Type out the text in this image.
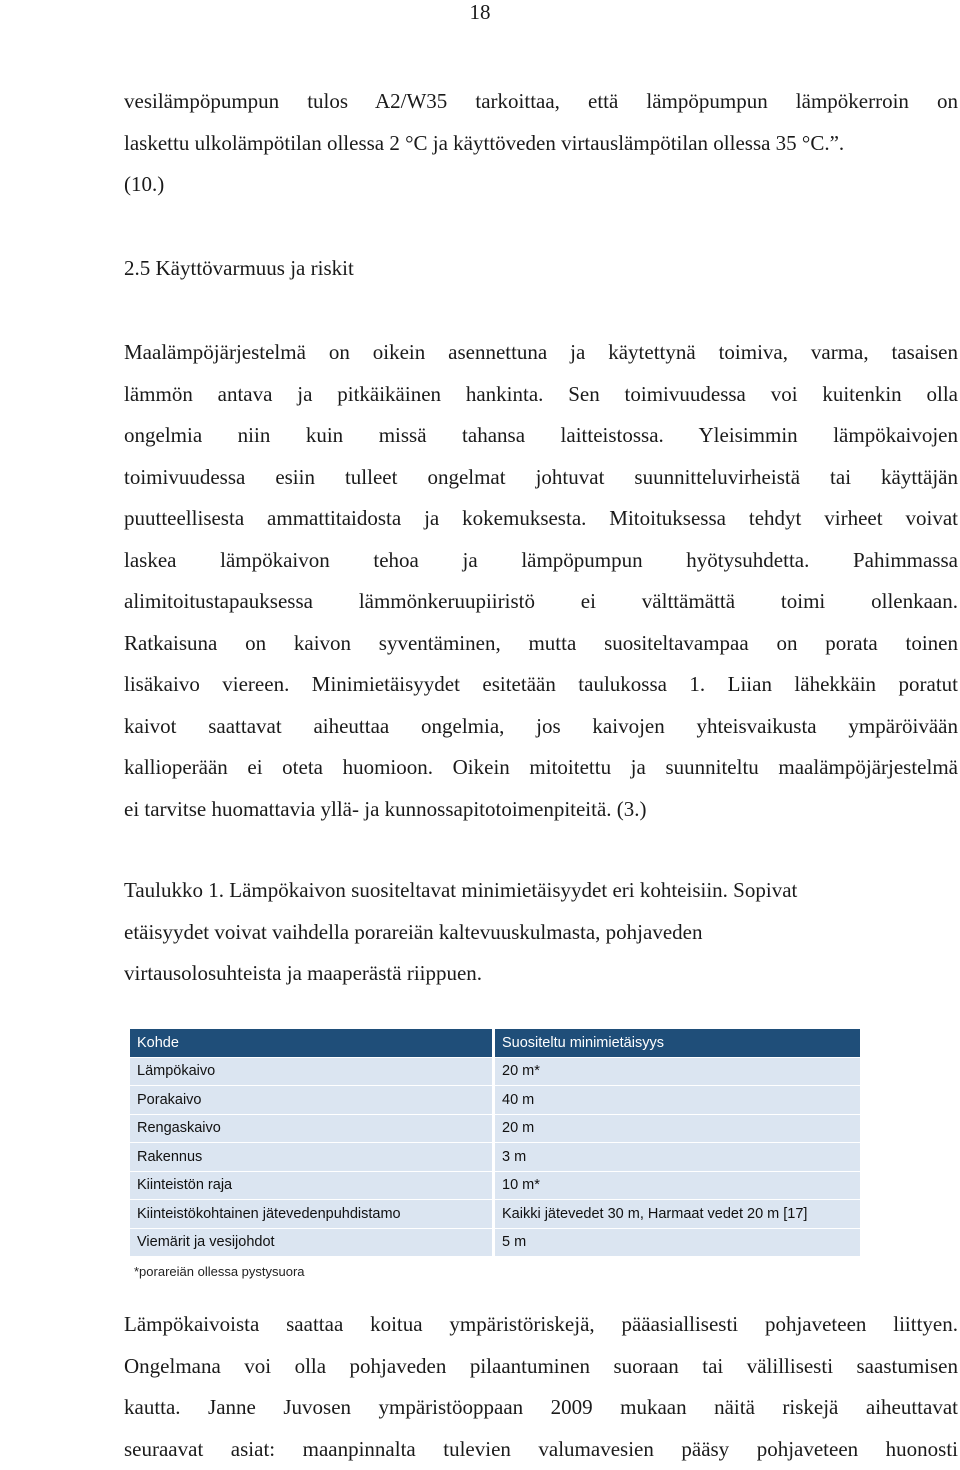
18

vesilämpöpumpun tulos A2/W35 tarkoittaa, että lämpöpumpun lämpökerroin on
laskettu ulkolämpötilan ollessa 2 °C ja käyttöveden virtauslämpötilan ollessa 35 °C.”.
(10.)

2.5 Käyttövarmuus ja riskit

Maalämpöjärjestelmä on oikein asennettuna ja käytettynä toimiva, varma, tasaisen
lämmön antava ja pitkäikäinen hankinta. Sen toimivuudessa voi kuitenkin olla
ongelmia niin kuin missä tahansa laitteistossa. Yleisimmin lämpökaivojen
toimivuudessa esiin tulleet ongelmat johtuvat suunnitteluvirheistä tai käyttäjän
puutteellisesta ammattitaidosta ja kokemuksesta. Mitoituksessa tehdyt virheet voivat
laskea lämpökaivon tehoa ja lämpöpumpun hyötysuhdetta. Pahimmassa
alimitoitustapauksessa lämmönkeruupiiristö ei välttämättä toimi ollenkaan.
Ratkaisuna on kaivon syventäminen, mutta suositeltavampaa on porata toinen
lisäkaivo viereen. Minimietäisyydet esitetään taulukossa 1. Liian lähekkäin poratut
kaivot saattavat aiheuttaa ongelmia, jos kaivojen yhteisvaikusta ympäröivään
kallioperään ei oteta huomioon. Oikein mitoitettu ja suunniteltu maalämpöjärjestelmä
ei tarvitse huomattavia yllä- ja kunnossapitotoimenpiteitä. (3.)

Taulukko 1. Lämpökaivon suositeltavat minimietäisyydet eri kohteisiin. Sopivat
etäisyydet voivat vaihdella porareiän kaltevuuskulmasta, pohjaveden
virtausolosuhteista ja maaperästä riippuen.

Kohde	Suositeltu minimietäisyys
Lämpökaivo	20 m*
Porakaivo	40 m
Rengaskaivo	20 m
Rakennus	3 m
Kiinteistön raja	10 m*
Kiinteistökohtainen jätevedenpuhdistamo	Kaikki jätevedet 30 m, Harmaat vedet 20 m [17]
Viemärit ja vesijohdot	5 m
*porareiän ollessa pystysuora

Lämpökaivoista saattaa koitua ympäristöriskejä, pääasiallisesti pohjaveteen liittyen.
Ongelmana voi olla pohjaveden pilaantuminen suoraan tai välillisesti saastumisen
kautta. Janne Juvosen ympäristöoppaan 2009 mukaan näitä riskejä aiheuttavat
seuraavat asiat: maanpinnalta tulevien valumavesien pääsy pohjaveteen huonosti
